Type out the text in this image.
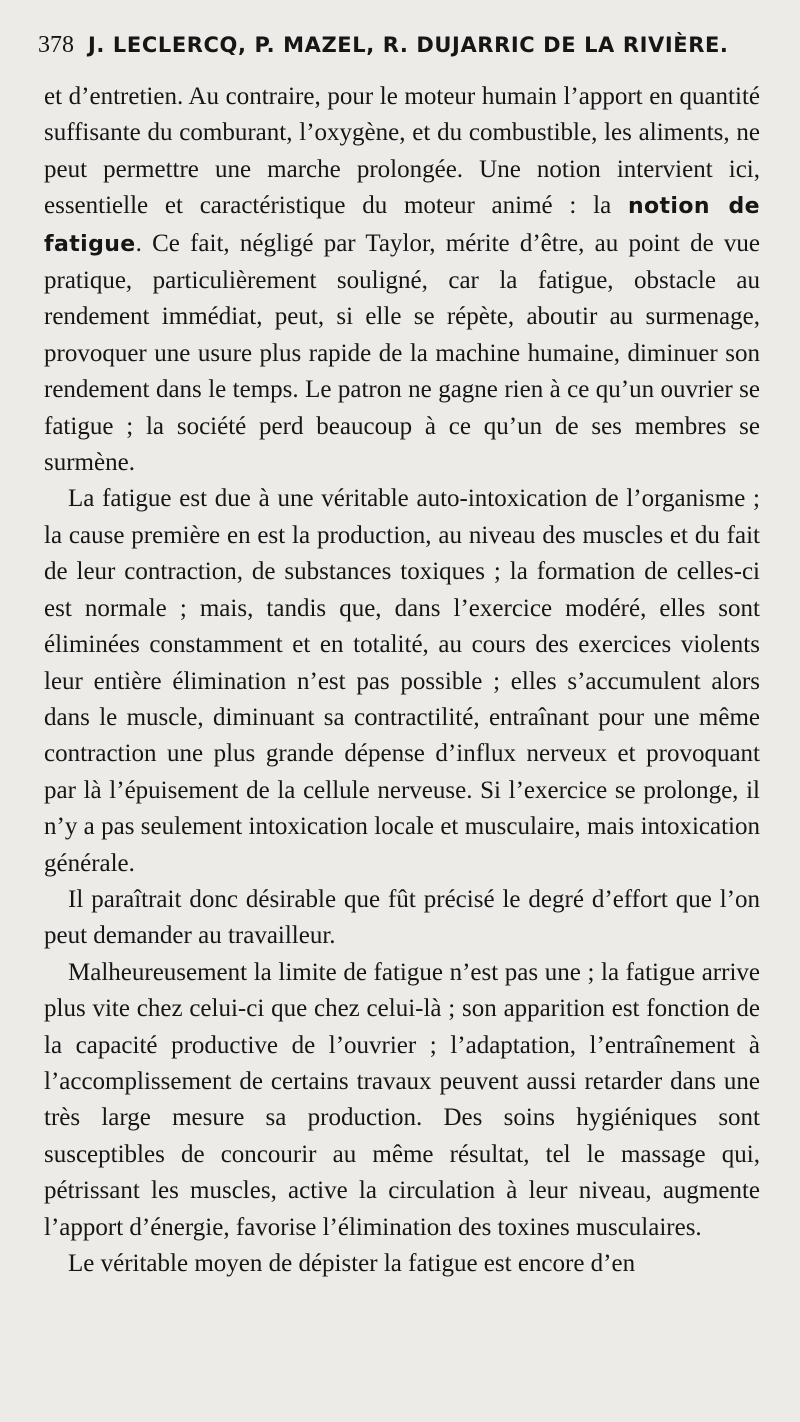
378 J. LECLERCQ, P. MAZEL, R. DUJARRIC DE LA RIVIÈRE.

et d’entretien. Au contraire, pour le moteur humain l’apport en quantité suffisante du comburant, l’oxygène, et du combustible, les aliments, ne peut permettre une marche prolongée. Une notion intervient ici, essentielle et caractéristique du moteur animé : la notion de fatigue. Ce fait, négligé par Taylor, mérite d’être, au point de vue pratique, particulièrement souligné, car la fatigue, obstacle au rendement immédiat, peut, si elle se répète, aboutir au surmenage, provoquer une usure plus rapide de la machine humaine, diminuer son rendement dans le temps. Le patron ne gagne rien à ce qu’un ouvrier se fatigue ; la société perd beaucoup à ce qu’un de ses membres se surmène.

La fatigue est due à une véritable auto-intoxication de l’organisme ; la cause première en est la production, au niveau des muscles et du fait de leur contraction, de substances toxiques ; la formation de celles-ci est normale ; mais, tandis que, dans l’exercice modéré, elles sont éliminées constamment et en totalité, au cours des exercices violents leur entière élimination n’est pas possible ; elles s’accumulent alors dans le muscle, diminuant sa contractilité, entraînant pour une même contraction une plus grande dépense d’influx nerveux et provoquant par là l’épuisement de la cellule nerveuse. Si l’exercice se prolonge, il n’y a pas seulement intoxication locale et musculaire, mais intoxication générale.

Il paraîtrait donc désirable que fût précisé le degré d’effort que l’on peut demander au travailleur.

Malheureusement la limite de fatigue n’est pas une ; la fatigue arrive plus vite chez celui-ci que chez celui-là ; son apparition est fonction de la capacité productive de l’ouvrier ; l’adaptation, l’entraînement à l’accomplissement de certains travaux peuvent aussi retarder dans une très large mesure sa production. Des soins hygiéniques sont susceptibles de concourir au même résultat, tel le massage qui, pétrissant les muscles, active la circulation à leur niveau, augmente l’apport d’énergie, favorise l’élimination des toxines musculaires.

Le véritable moyen de dépister la fatigue est encore d’en
